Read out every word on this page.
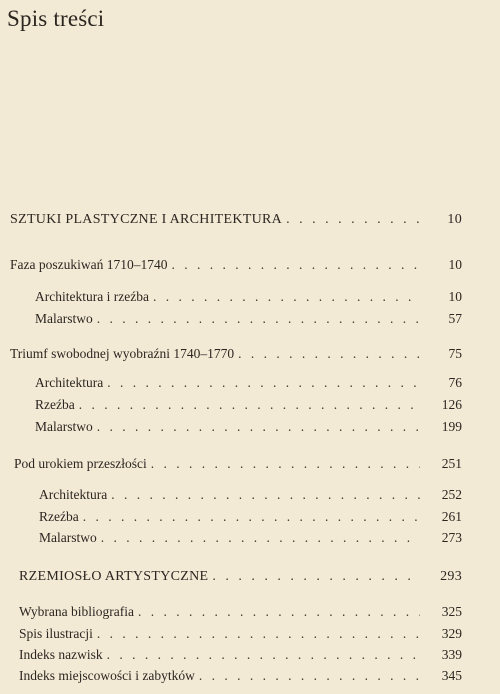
Spis treści
SZTUKI PLASTYCZNE I ARCHITEKTURA . . .	10
Faza poszukiwań 1710–1740 . . .	10
Architektura i rzeźba . . .	10
Malarstwo . . .	57
Triumf swobodnej wyobraźni 1740–1770 . . .	75
Architektura . . .	76
Rzeźba . . .	126
Malarstwo . . .	199
Pod urokiem przeszłości . . .	251
Architektura . . .	252
Rzeźba . . .	261
Malarstwo . . .	273
RZEMIOSŁO ARTYSTYCZNE . . .	293
Wybrana bibliografia . . .	325
Spis ilustracji . . .	329
Indeks nazwisk . . .	339
Indeks miejscowości i zabytków . . .	345
